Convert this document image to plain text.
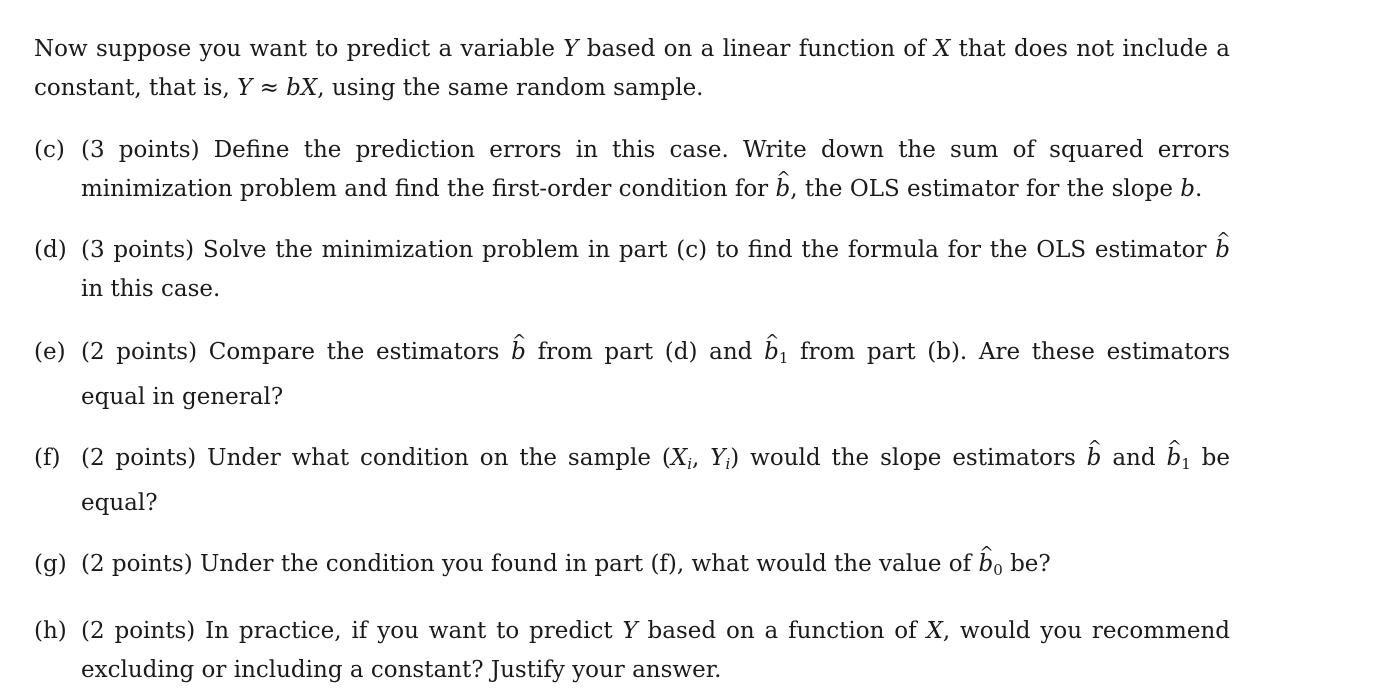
Now suppose you want to predict a variable Y based on a linear function of X that does not include a constant, that is, Y ≈ bX, using the same random sample.

(c) (3 points) Define the prediction errors in this case. Write down the sum of squared errors minimization problem and find the first-order condition for ^ b, the OLS estimator for the slope b.
(d) (3 points) Solve the minimization problem in part (c) to find the formula for the OLS estimator ^ b in this case.
(e) (2 points) Compare the estimators ^ b from part (d) and ^ $b_1$ from part (b). Are these estimators equal in general?
(f) (2 points) Under what condition on the sample (Xi, Yi) would the slope estimators ^ b and ^ $b_1$ be equal?
(g) (2 points) Under the condition you found in part (f), what would the value of ^ $b_0$ be?
(h) (2 points) In practice, if you want to predict Y based on a function of X, would you recommend excluding or including a constant? Justify your answer.
